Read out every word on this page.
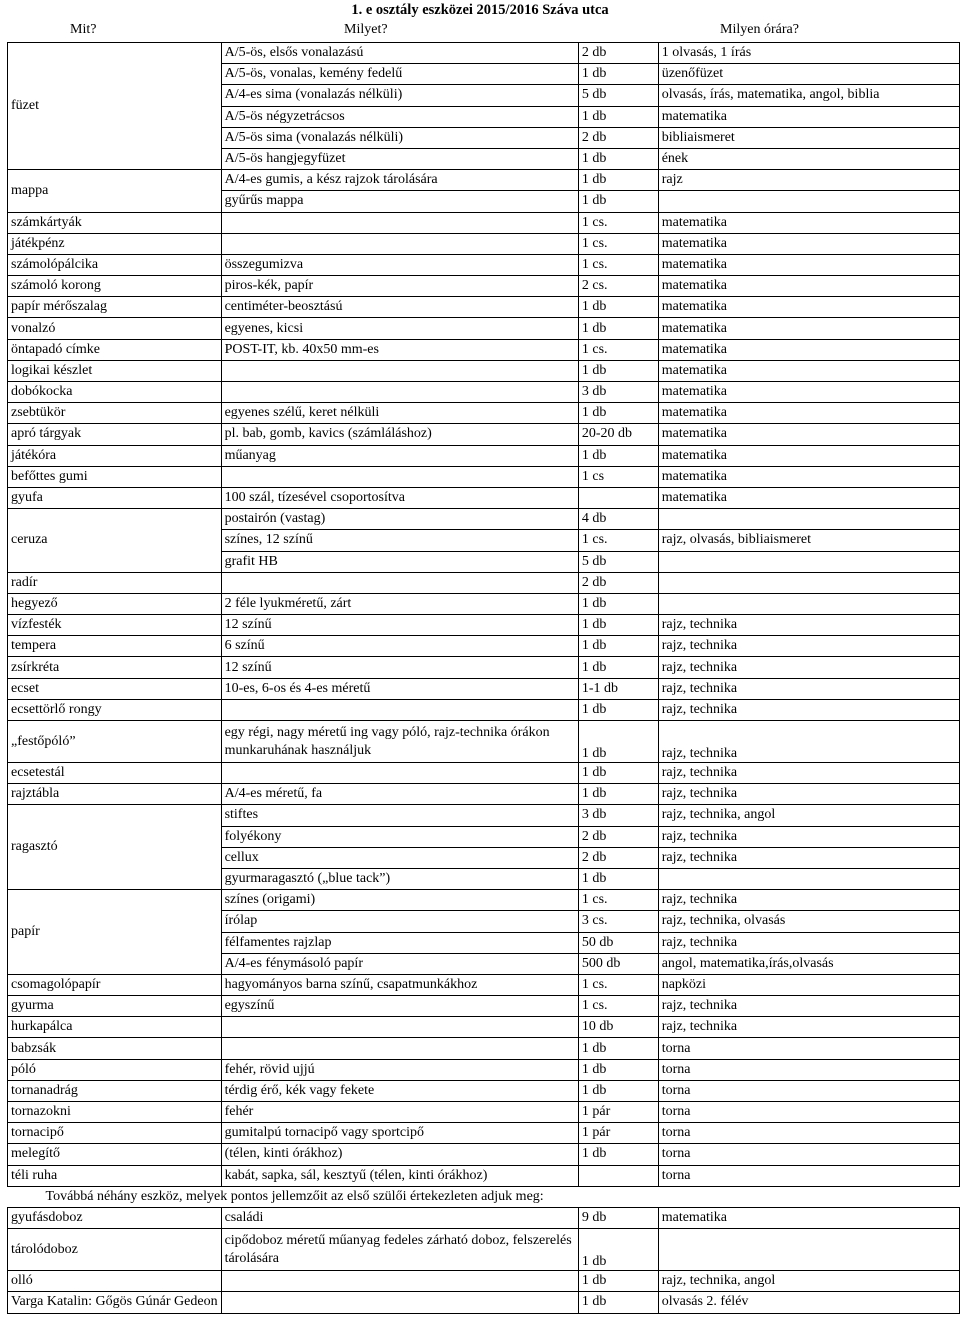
1. e osztály eszközei 2015/2016 Száva utca
Mit?	Milyet?	Milyen órára?
füzet	A/5-ös, elsős vonalazású	2 db	1 olvasás, 1 írás
	A/5-ös, vonalas, kemény fedelű	1 db	üzenőfüzet
	A/4-es sima (vonalazás nélküli)	5 db	olvasás, írás, matematika, angol, biblia
	A/5-ös négyzetrácsos	1 db	matematika
	A/5-ös sima (vonalazás nélküli)	2 db	bibliaismeret
	A/5-ös hangjegyfüzet	1 db	ének
mappa	A/4-es gumis, a kész rajzok tárolására	1 db	rajz
	gyűrűs mappa	1 db	
számkártyák		1 cs.	matematika
játékpénz		1 cs.	matematika
számolópálcika	összegumizva	1 cs.	matematika
számoló korong	piros-kék, papír	2 cs.	matematika
papír mérőszalag	centiméter-beosztású	1 db	matematika
vonalzó	egyenes, kicsi	1 db	matematika
öntapadó címke	POST-IT, kb. 40x50 mm-es	1 cs.	matematika
logikai készlet		1 db	matematika
dobókocka		3 db	matematika
zsebtükör	egyenes szélű, keret nélküli	1 db	matematika
apró tárgyak	pl. bab, gomb, kavics (számláláshoz)	20-20 db	matematika
játékóra	műanyag	1 db	matematika
befőttes gumi		1 cs	matematika
gyufa	100 szál, tízesével csoportosítva		matematika
ceruza	postairón (vastag)	4 db	
	színes, 12 színű	1 cs.	rajz, olvasás, bibliaismeret
	grafit HB	5 db	
radír		2 db	
hegyező	2 féle lyukméretű, zárt	1 db	
vízfesték	12 színű	1 db	rajz, technika
tempera	6 színű	1 db	rajz, technika
zsírkréta	12 színű	1 db	rajz, technika
ecset	10-es, 6-os és 4-es méretű	1-1 db	rajz, technika
ecsettörlő rongy		1 db	rajz, technika
„festőpóló”	egy régi, nagy méretű ing vagy póló, rajz-technika órákon munkaruhának használjuk	1 db	rajz, technika
ecsetestál		1 db	rajz, technika
rajztábla	A/4-es méretű, fa	1 db	rajz, technika
ragasztó	stiftes	3 db	rajz, technika, angol
	folyékony	2 db	rajz, technika
	cellux	2 db	rajz, technika
	gyurmaragasztó („blue tack”)	1 db	
papír	színes (origami)	1 cs.	rajz, technika
	írólap	3 cs.	rajz, technika, olvasás
	félfamentes rajzlap	50 db	rajz, technika
	A/4-es fénymásoló papír	500 db	angol, matematika,írás,olvasás
csomagolópapír	hagyományos barna színű, csapatmunkákhoz	1 cs.	napközi
gyurma	egyszínű	1 cs.	rajz, technika
hurkapálca		10 db	rajz, technika
babzsák		1 db	torna
póló	fehér, rövid ujjú	1 db	torna
tornanadrág	térdig érő, kék vagy fekete	1 db	torna
tornazokni	fehér	1 pár	torna
tornacipő	gumitalpú tornacipő vagy sportcipő	1 pár	torna
melegítő	(télen, kinti órákhoz)	1 db	torna
téli ruha	kabát, sapka, sál, kesztyű (télen, kinti órákhoz)		torna
Továbbá néhány eszköz, melyek pontos jellemzőit az első szülői értekezleten adjuk meg:			
gyufásdoboz	családi	9 db	matematika
tárolódoboz	cipődoboz méretű műanyag fedeles zárható doboz, felszerelés tárolására	1 db	
olló		1 db	rajz, technika, angol
Varga Katalin: Gőgös Gúnár Gedeon		1 db	olvasás 2. félév
